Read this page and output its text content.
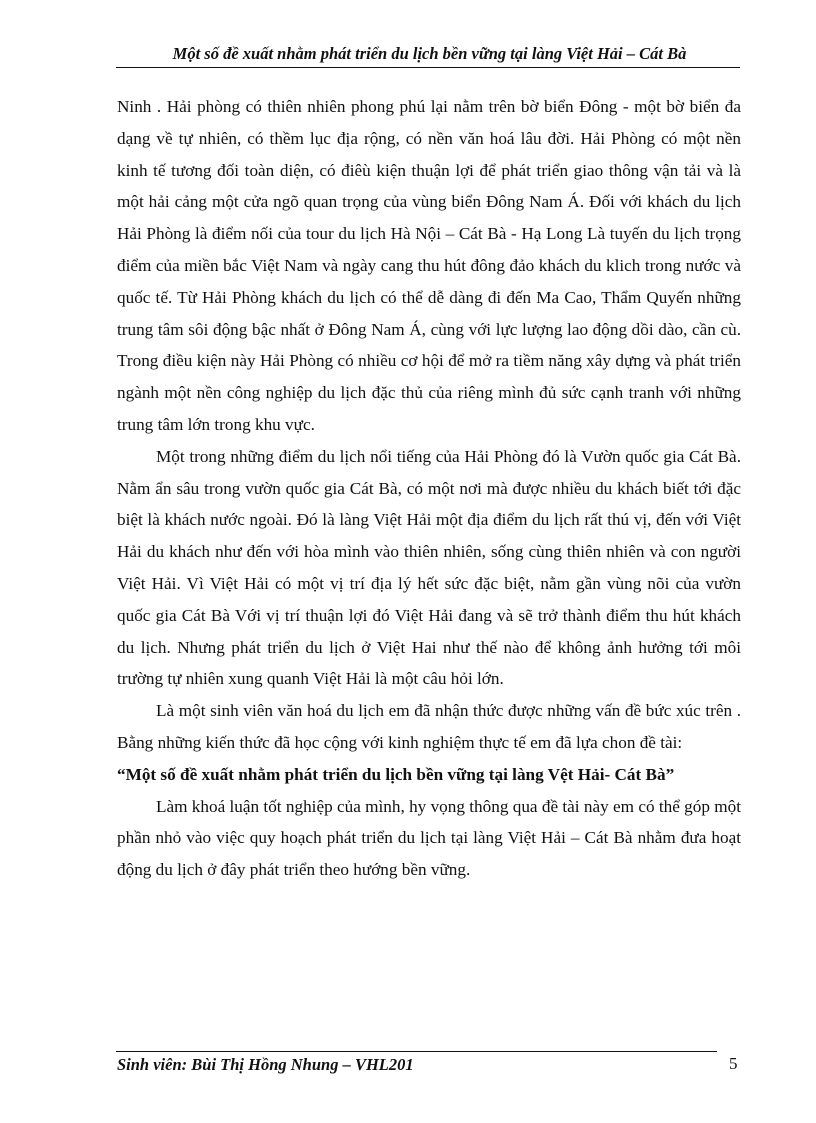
Một số đề xuất nhằm phát triển du lịch bền vững tại làng Việt Hải – Cát Bà

Ninh . Hải phòng có thiên nhiên phong phú lại nằm trên bờ biển Đông - một bờ biển đa dạng về tự nhiên, có thềm lục địa rộng, có nền văn hoá lâu đời. Hải Phòng có một nền kinh tế tương đối toàn diện, có điêù kiện thuận lợi để phát triển giao thông vận tải và là một hải cảng một cửa ngõ quan trọng của vùng biển Đông Nam Á. Đối với khách du lịch Hải Phòng là điểm nối của tour du lịch Hà Nội – Cát Bà - Hạ Long Là tuyến du lịch trọng điểm của miền bắc Việt Nam và ngày cang thu hút đông đảo khách du klich trong nước và quốc tế. Từ Hải Phòng khách du lịch có thể dễ dàng đi đến Ma Cao, Thẩm Quyến những trung tâm sôi động bậc nhất ở Đông Nam Á, cùng với lực lượng lao động dồi dào, cần cù. Trong điều kiện này Hải Phòng có nhiều cơ hội để mở ra tiềm năng xây dựng và phát triển ngành một nền công nghiệp du lịch đặc thủ của riêng mình đủ sức cạnh tranh với những trung tâm lớn trong khu vực.

Một trong những điểm du lịch nổi tiếng của Hải Phòng đó là Vườn quốc gia Cát Bà. Nằm ẩn sâu trong vườn quốc gia Cát Bà, có một nơi mà được nhiều du khách biết tới đặc biệt là khách nước ngoài. Đó là làng Việt Hải một địa điểm du lịch rất thú vị, đến với Việt Hải du khách như đến với hòa mình vào thiên nhiên, sống cùng thiên nhiên và con người Việt Hải. Vì Việt Hải có một vị trí địa lý hết sức đặc biệt, nằm gần vùng nõi của vườn quốc gia Cát Bà Với vị trí thuận lợi đó Việt Hải đang và sẽ trở thành điểm thu hút khách du lịch. Nhưng phát triển du lịch ở Việt Hai như thế nào để không ảnh hưởng tới môi trường tự nhiên xung quanh Việt Hải là một câu hỏi lớn.

Là một sinh viên văn hoá du lịch em đã nhận thức được những vấn đề bức xúc trên . Bằng những kiến thức đã học cộng với kinh nghiệm thực tế em đã lựa chon đề tài:

“Một số đề xuất nhằm phát triển du lịch bền vững tại làng Vệt Hải- Cát Bà”

Làm khoá luận tốt nghiệp của mình, hy vọng thông qua đề tài này em có thể góp một phần nhỏ vào việc quy hoạch phát triển du lịch tại làng Việt Hải – Cát Bà nhằm đưa hoạt động du lịch ở đây phát triển theo hướng bền vững.

Sinh viên: Bùi Thị Hồng Nhung – VHL201	5
